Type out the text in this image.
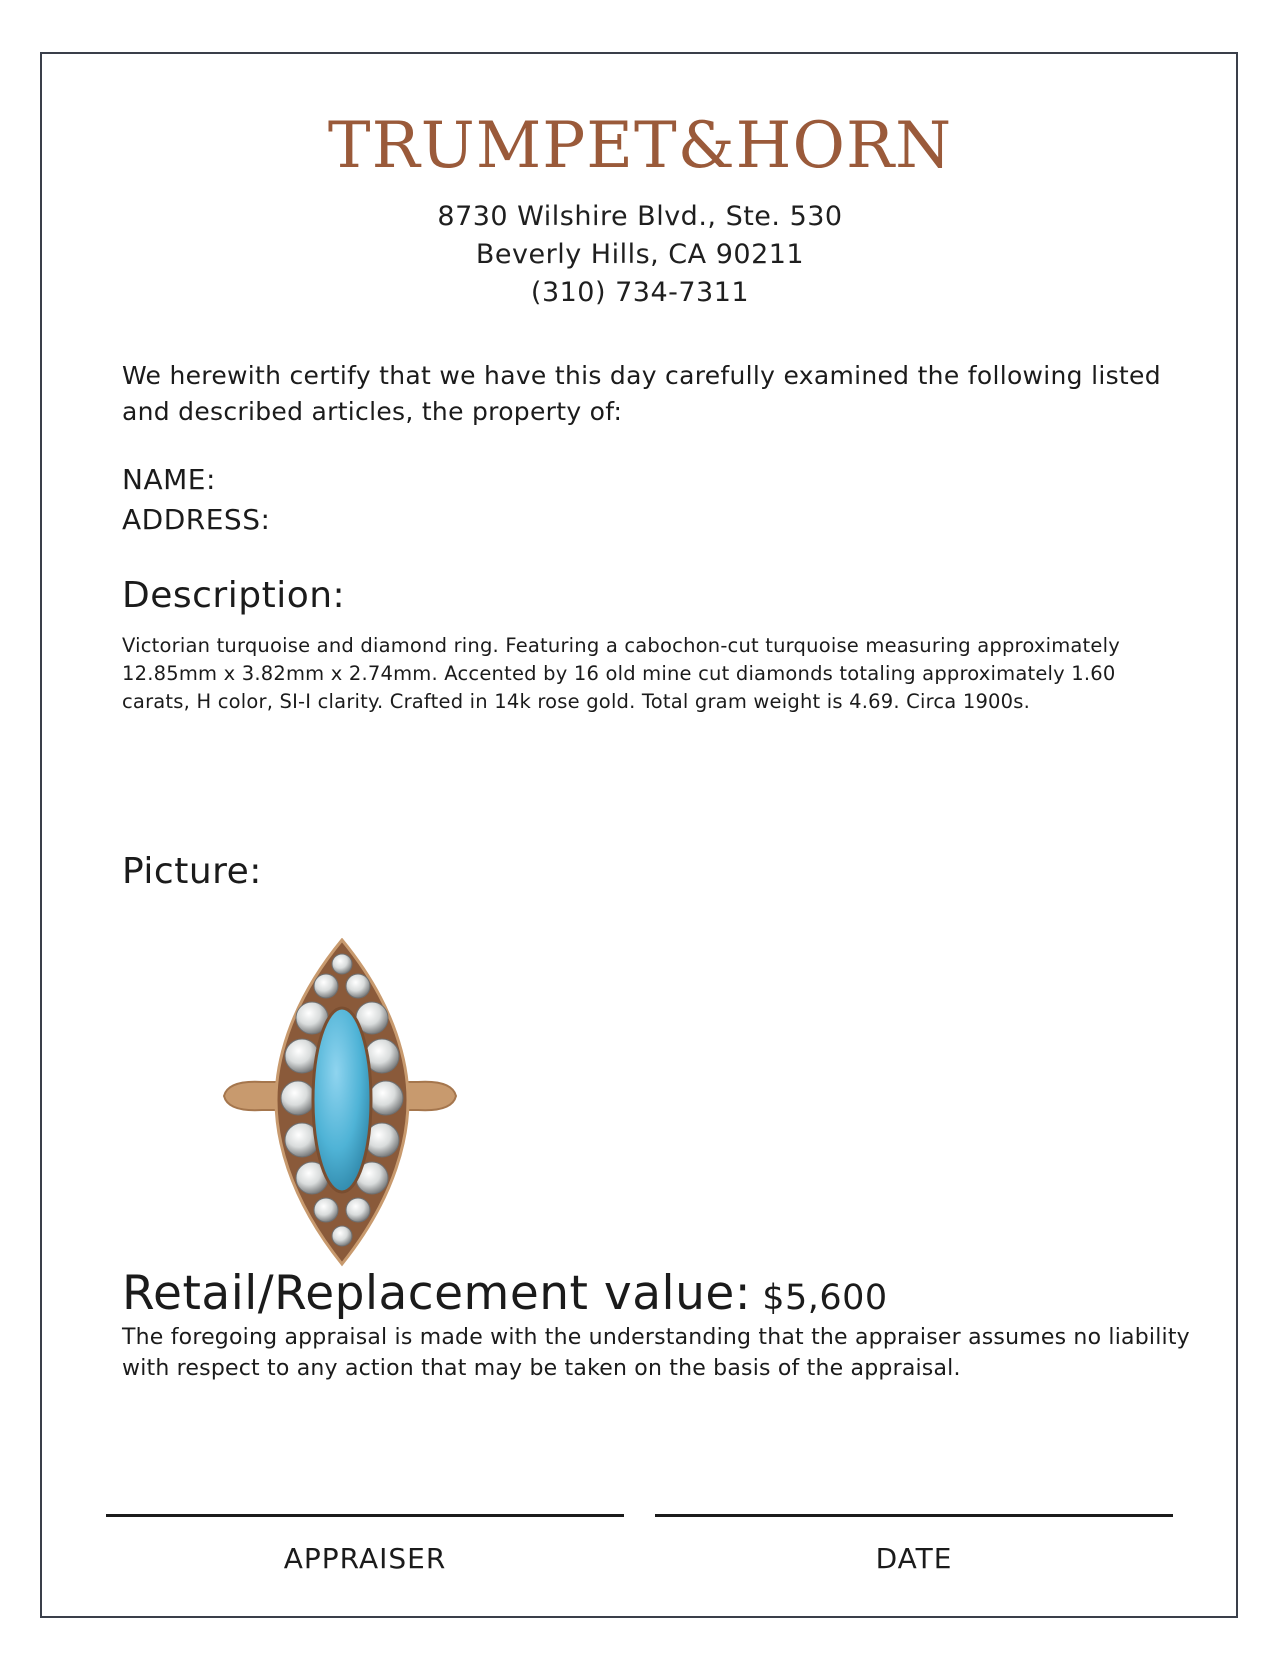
TRUMPET&HORN
8730 Wilshire Blvd., Ste. 530
Beverly Hills, CA 90211
(310) 734-7311
We herewith certify that we have this day carefully examined the following listed and described articles, the property of:
NAME:
ADDRESS:
Description:
Victorian turquoise and diamond ring. Featuring a cabochon-cut turquoise measuring approximately 12.85mm x 3.82mm x 2.74mm. Accented by 16 old mine cut diamonds totaling approximately 1.60 carats, H color, SI-I clarity. Crafted in 14k rose gold. Total gram weight is 4.69. Circa 1900s.
Picture:
Retail/Replacement value: $5,600
The foregoing appraisal is made with the understanding that the appraiser assumes no liability with respect to any action that may be taken on the basis of the appraisal.
APPRAISER	DATE
